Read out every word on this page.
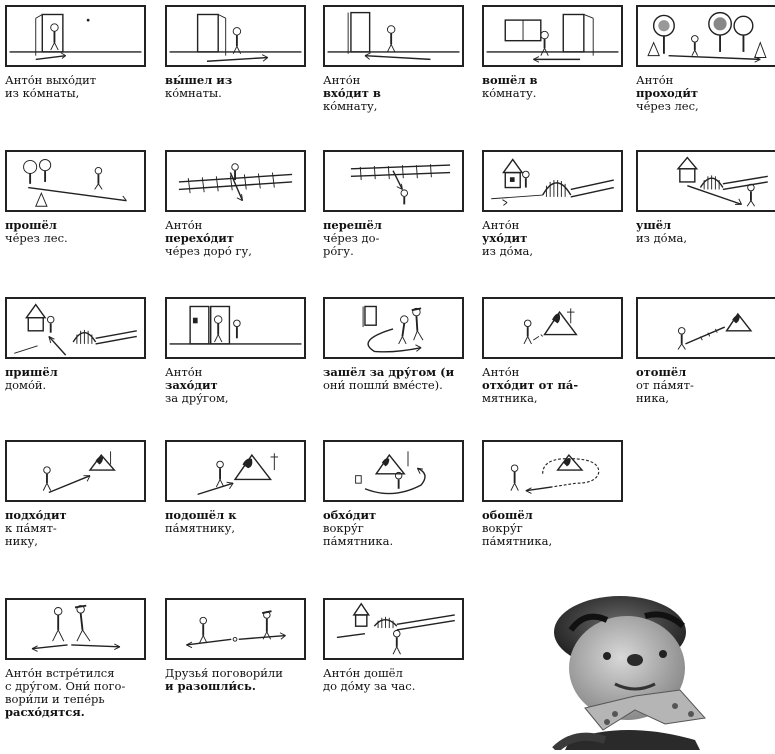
Анто́н выхо́дит
из ко́мнаты,
вы́шел из
ко́мнаты.
Анто́н
вхо́дит в
ко́мнату,
вошёл в
ко́мнату.
Анто́н
проходи́т
че́рез лес,
прошёл
че́рез лес.
Анто́н
перехо́дит
че́рез доро́ гу,
перешёл
че́рез до-
ро́гу.
Анто́н
ухо́дит
из до́ма,
ушёл
из до́ма,
пришёл
домо́й.
Анто́н
захо́дит
за дру́гом,
зашёл за дру́гом (и
они́ пошли́ вме́сте).
Анто́н
отхо́дит от па́-
мятника,
отошёл
от па́мят-
ника,
подхо́дит
к па́мят-
нику,
подошёл к
па́мятнику,
обхо́дит
вокру́г
па́мятника.
обошёл
вокру́г
па́мятника,
Анто́н встре́тился
с дру́гом. Они́ пого-
вори́ли и тепе́рь
расхо́дятся.
Друзья́ поговори́ли
и разошли́сь.
Анто́н дошёл
до до́му за час.
